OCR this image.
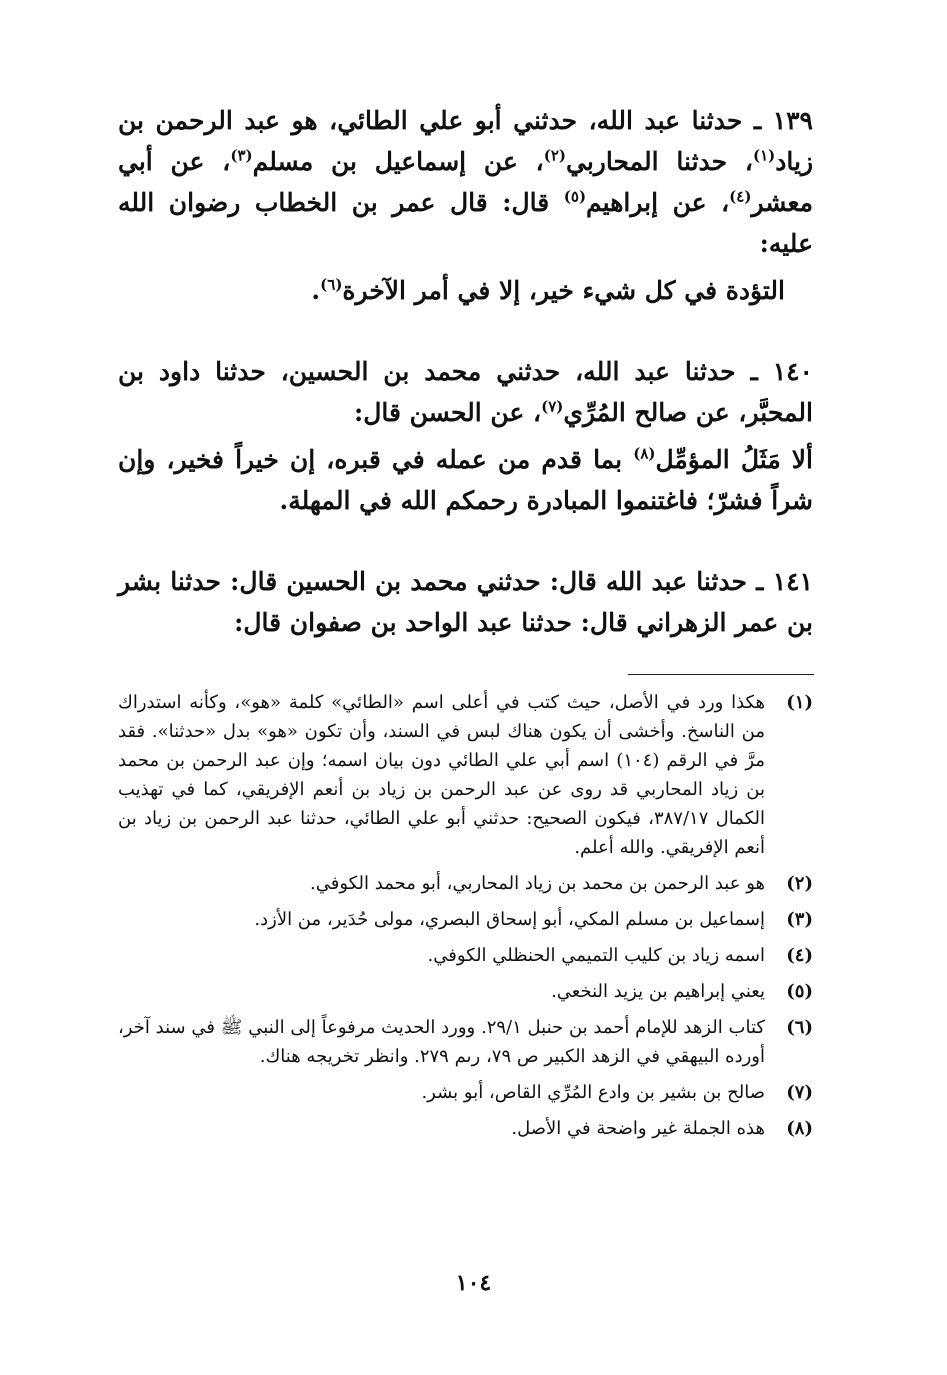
١٣٩ ـ حدثنا عبد الله، حدثني أبو علي الطائي، هو عبد الرحمن بن زياد$^{(١)}$، حدثنا المحاربي$^{(٢)}$، عن إسماعيل بن مسلم$^{(٣)}$، عن أبي معشر$^{(٤)}$، عن إبراهيم$^{(٥)}$ قال: قال عمر بن الخطاب رضوان الله عليه:

التؤدة في كل شيء خير، إلا في أمر الآخرة$^{(٦)}$.

١٤٠ ـ حدثنا عبد الله، حدثني محمد بن الحسين، حدثنا داود بن المحبَّر، عن صالح المُرِّي$^{(٧)}$، عن الحسن قال:

ألا مَثَلُ المؤمِّل$^{(٨)}$ بما قدم من عمله في قبره، إن خيراً فخير، وإن شراً فشرّ؛ فاغتنموا المبادرة رحمكم الله في المهلة.

١٤١ ـ حدثنا عبد الله قال: حدثني محمد بن الحسين قال: حدثنا بشر بن عمر الزهراني قال: حدثنا عبد الواحد بن صفوان قال:

(١)
هكذا ورد في الأصل، حيث كتب في أعلى اسم «الطائي» كلمة «هو»، وكأنه استدراك من الناسخ. وأخشى أن يكون هناك لبس في السند، وأن تكون «هو» بدل «حدثنا». فقد مرَّ في الرقم (١٠٤) اسم أبي علي الطائي دون بيان اسمه؛ وإن عبد الرحمن بن محمد بن زياد المحاربي قد روى عن عبد الرحمن بن زياد بن أنعم الإفريقي، كما في تهذيب الكمال ٣٨٧/١٧، فيكون الصحيح: حدثني أبو علي الطائي، حدثنا عبد الرحمن بن زياد بن أنعم الإفريقي. والله أعلم.
(٢)
هو عبد الرحمن بن محمد بن زياد المحاربي، أبو محمد الكوفي.
(٣)
إسماعيل بن مسلم المكي، أبو إسحاق البصري، مولى حُدَير، من الأزد.
(٤)
اسمه زياد بن كليب التميمي الحنظلي الكوفي.
(٥)
يعني إبراهيم بن يزيد النخعي.
(٦)
كتاب الزهد للإمام أحمد بن حنبل ٢٩/١. وورد الحديث مرفوعاً إلى النبي ﷺ في سند آخر، أورده البيهقي في الزهد الكبير ص ٧٩، رىم ٢٧٩. وانظر تخريجه هناك.
(٧)
صالح بن بشير بن وادع المُرِّي القاص، أبو بشر.
(٨)
هذه الجملة غير واضحة في الأصل.
١٠٤
